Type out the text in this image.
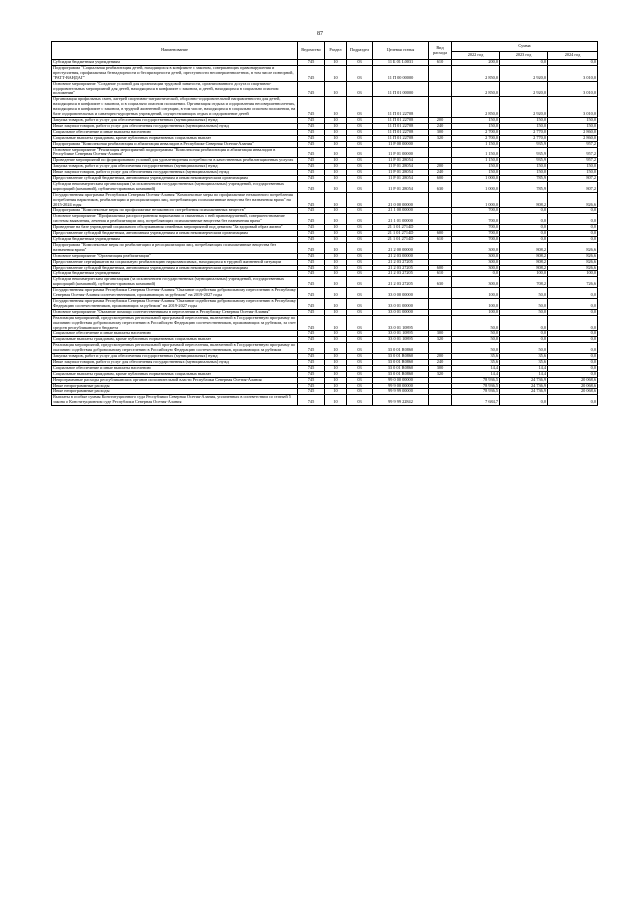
87
Наименование	Ведомство	Раздел	Подраздел	Целевая статья	Вид расхода	Сумма		
						2022 год	2023 год	2024 год
Субсидии бюджетным учреждениям	745	10	03	11 Б 01 L0031	610	200,0	0,0	0,0
Подпрограмма "Социальная реабилитация детей, находящихся в конфликте с законом, совершающих правонарушения и преступления, профилактика безнадзорности и беспризорности детей, преступности несовершеннолетних, в том числе повторной, "РАТТ-ВАНДАГ"	745	10	03	11 П 00 00000		2 850,0	2 920,0	3 010,0
Основное мероприятие "Создание условий для организации трудовой занятости, организованного досуга и спортивно-оздоровительных мероприятий для детей, находящихся в конфликте с законом, и детей, находящихся в социально опасном положении"	745	10	03	11 П 01 00000		2 850,0	2 920,0	3 010,0
Организация профильных смен, лагерей спортивно-патриотической, оборонно-оздоровительной направленности для детей, находящихся в конфликте с законом, и в социально опасном положении. Организация отдыха и оздоровления несовершеннолетних, находящихся в конфликте с законом, в трудной жизненной ситуации, в том числе, находящихся в социально опасном положении, на базе оздоровительных и санаторно-курортных учреждений, осуществляющих отдых и оздоровление детей	745	10	03	11 П 01 22708		2 850,0	2 920,0	3 010,0
Закупка товаров, работ и услуг для обеспечения государственных (муниципальных) нужд	745	10	03	11 П 01 22708	200	150,0	150,0	150,0
Иные закупки товаров, работ и услуг для обеспечения государственных (муниципальных) нужд	745	10	03	11 П 01 22708	240	150,0	150,0	150,0
Социальное обеспечение и иные выплаты населению	745	10	03	11 П 01 22708	300	2 700,0	2 770,0	2 860,0
Социальные выплаты гражданам, кроме публичных нормативных социальных выплат	745	10	03	11 П 01 22708	320	2 700,0	2 770,0	2 860,0
Подпрограмма "Комплексная реабилитация и абилитация инвалидов в Республике Северная Осетия-Алания"	745	10	03	11 Р 00 00000		1 150,0	935,9	957,2
Основное мероприятие "Реализация мероприятий подпрограммы "Комплексная реабилитация и абилитация инвалидов в Республике Северная Осетия-Алания"	745	10	03	11 Р 01 00000		1 150,0	935,9	957,2
Проведение мероприятий по формированию условий для удовлетворения потребности в качественных реабилитационных услугах	745	10	03	11 Р 01 28054		1 150,0	935,9	957,2
Закупка товаров, работ и услуг для обеспечения государственных (муниципальных) нужд	745	10	03	11 Р 01 28054	200	150,0	150,0	150,0
Иные закупки товаров, работ и услуг для обеспечения государственных (муниципальных) нужд	745	10	03	11 Р 01 28054	240	150,0	150,0	150,0
Предоставление субсидий бюджетным, автономным учреждениям и иным некоммерческим организациям	745	10	03	11 Р 01 28054	600	1 000,0	785,9	807,2
Субсидии некоммерческим организациям (за исключением государственных (муниципальных) учреждений, государственных корпораций (компаний), публично-правовых компаний)	745	10	03	11 Р 01 28054	630	1 000,0	785,9	807,2
Государственная программа Республики Северная Осетия-Алания "Комплексные меры по профилактике незаконного потребления потребления наркотиков, реабилитации и ресоциализации лиц, потребляющих психоактивные вещества без назначения врача" на 2015-2024 годы	745	10	03	21 0 00 00000		1 000,0	808,2	826,6
Подпрограмма "Комплексные меры по профилактике незаконного потребления психоактивных веществ"	745	10	03	21 1 00 00000		700,0	0,0	0,0
Основное мероприятие "Профилактика распространения наркомании и связанных с ней правонарушений, совершенствование системы выявления, лечения и реабилитации лиц, потребляющих психоактивные вещества без назначения врача"	745	10	03	21 1 01 00000		700,0	0,0	0,0
Проведение на базе учреждений социального обслуживания семейных мероприятий под девизом "За здоровый образ жизни"	745	10	03	21 1 01 2714D		700,0	0,0	0,0
Предоставление субсидий бюджетным, автономным учреждениям и иным некоммерческим организациям	745	10	03	21 1 01 2714D	600	700,0	0,0	0,0
Субсидии бюджетным учреждениям	745	10	03	21 1 01 2714D	610	700,0	0,0	0,0
Подпрограмма "Комплексные меры по реабилитации и ресоциализации лиц, потребляющих психоактивные вещества без назначения врача"	745	10	03	21 2 00 00000		300,0	808,2	826,6
Основное мероприятие "Организация реабилитации"	745	10	03	21 2 03 00000		300,0	808,2	826,6
Предоставление сертификатов на социальную реабилитацию наркозависимых, находящихся в трудной жизненной ситуации	745	10	03	21 2 03 27205		300,0	808,2	826,6
Предоставление субсидий бюджетным, автономным учреждениям и иным некоммерческим организациям	745	10	03	21 2 03 27205	600	300,0	808,2	826,6
Субсидии бюджетным учреждениям	745	10	03	21 2 03 27205	610	0,0	100,0	100,0
Субсидии некоммерческим организациям (за исключением государственных (муниципальных) учреждений, государственных корпораций (компаний), публично-правовых компаний)	745	10	03	21 2 03 27205	630	300,0	708,2	726,6
Государственная программа Республики Северная Осетия-Алания "Оказание содействия добровольному переселению в Республику Северная Осетия-Алания соотечественников, проживающих за рубежом" на 2019-2027 годы	745	10	03	33 0 00 00000		100,0	50,0	0,0
Государственная программа Республики Северная Осетия-Алания "Оказание содействия добровольному переселению в Республику Федерацию соотечественников, проживающих за рубежом" на 2019-2027 годы	745	10	03	33 0 01 00000		100,0	50,0	0,0
Основное мероприятие "Оказание помощи соотечественникам в переселении в Республику Северная Осетия-Алания"	745	10	03	33 0 01 00000		100,0	50,0	0,0
Реализация мероприятий, предусмотренных региональной программой переселения, включенной в Государственную программу по оказанию содействия добровольному переселению в Российскую Федерацию соотечественников, проживающих за рубежом, за счет средств республиканского бюджета	745	10	03	33 0 01 10895		50,0	0,0	0,0
Социальное обеспечение и иные выплаты населению	745	10	03	33 0 01 10895	300	50,0	0,0	0,0
Социальные выплаты гражданам, кроме публичных нормативных социальных выплат	745	10	03	33 0 01 10895	320	50,0	0,0	0,0
Реализация мероприятий, предусмотренных региональной программой переселения, включенной в Государственную программу по оказанию содействия добровольному переселению в Российскую Федерацию соотечественников, проживающих за рубежом	745	10	03	33 0 01 R0860		50,0	50,0	0,0
Закупка товаров, работ и услуг для обеспечения государственных (муниципальных) нужд	745	10	03	33 0 01 R0860	200	35,6	35,6	0,0
Иные закупки товаров, работ и услуг для обеспечения государственных (муниципальных) нужд	745	10	03	33 0 01 R0860	240	35,6	35,6	0,0
Социальное обеспечение и иные выплаты населению	745	10	03	33 0 01 R0860	300	14,4	14,4	0,0
Социальные выплаты гражданам, кроме публичных нормативных социальных выплат	745	10	03	33 0 01 R0860	320	14,4	14,4	0,0
Непрограммные расходы республиканских органов исполнительной власти Республики Северная Осетия-Алания	745	10	03	99 0 00 00000		78 936,5	24 736,9	20 068,6
Иные непрограммные расходы	745	10	03	99 9 00 00000		78 936,5	24 736,9	20 068,6
Иные непрограммные расходы	745	10	03	99 9 99 00000		78 936,5	24 736,9	20 068,6
Выплаты в особые суммы Конституционного суда Республики Северная Осетия-Алания, уплаченных в соответствии со статьей 5 закона о Конституционном суде Республики Северная Осетия-Алания	745	10	03	99 9 99 22842		7 684,7	0,0	0,0
